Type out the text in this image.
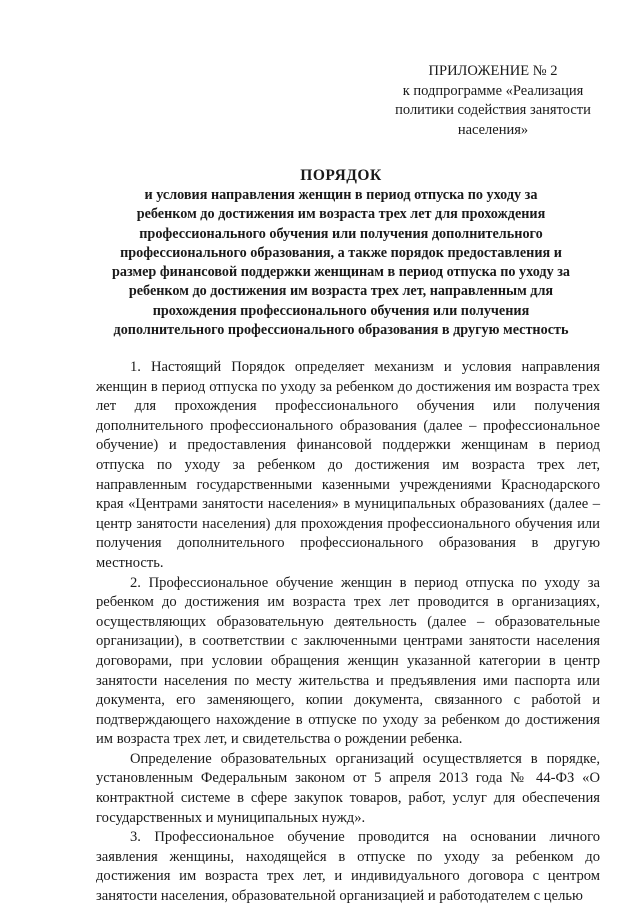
ПРИЛОЖЕНИЕ № 2
к подпрограмме «Реализация
политики содействия занятости
населения»
ПОРЯДОК
и условия направления женщин в период отпуска по уходу за
ребенком до достижения им возраста трех лет для прохождения
профессионального обучения или получения дополнительного
профессионального образования, а также порядок предоставления и
размер финансовой поддержки женщинам в период отпуска по уходу за
ребенком до достижения им возраста трех лет, направленным для
прохождения профессионального обучения или получения
дополнительного профессионального образования в другую местность

1. Настоящий Порядок определяет механизм и условия направления женщин в период отпуска по уходу за ребенком до достижения им возраста трех лет для прохождения профессионального обучения или получения дополнительного профессионального образования (далее – профессиональное обучение) и предоставления финансовой поддержки женщинам в период отпуска по уходу за ребенком до достижения им возраста трех лет, направленным государственными казенными учреждениями Краснодарского края «Центрами занятости населения» в муниципальных образованиях (далее – центр занятости населения) для прохождения профессионального обучения или получения дополнительного профессионального образования в другую местность.

2. Профессиональное обучение женщин в период отпуска по уходу за ребенком до достижения им возраста трех лет проводится в организациях, осуществляющих образовательную деятельность (далее – образовательные организации), в соответствии с заключенными центрами занятости населения договорами, при условии обращения женщин указанной категории в центр занятости населения по месту жительства и предъявления ими паспорта или документа, его заменяющего, копии документа, связанного с работой и подтверждающего нахождение в отпуске по уходу за ребенком до достижения им возраста трех лет, и свидетельства о рождении ребенка.

Определение образовательных организаций осуществляется в порядке, установленным Федеральным законом от 5 апреля 2013 года № 44-ФЗ «О контрактной системе в сфере закупок товаров, работ, услуг для обеспечения государственных и муниципальных нужд».

3. Профессиональное обучение проводится на основании личного заявления женщины, находящейся в отпуске по уходу за ребенком до достижения им возраста трех лет, и индивидуального договора с центром занятости населения, образовательной организацией и работодателем с целью
